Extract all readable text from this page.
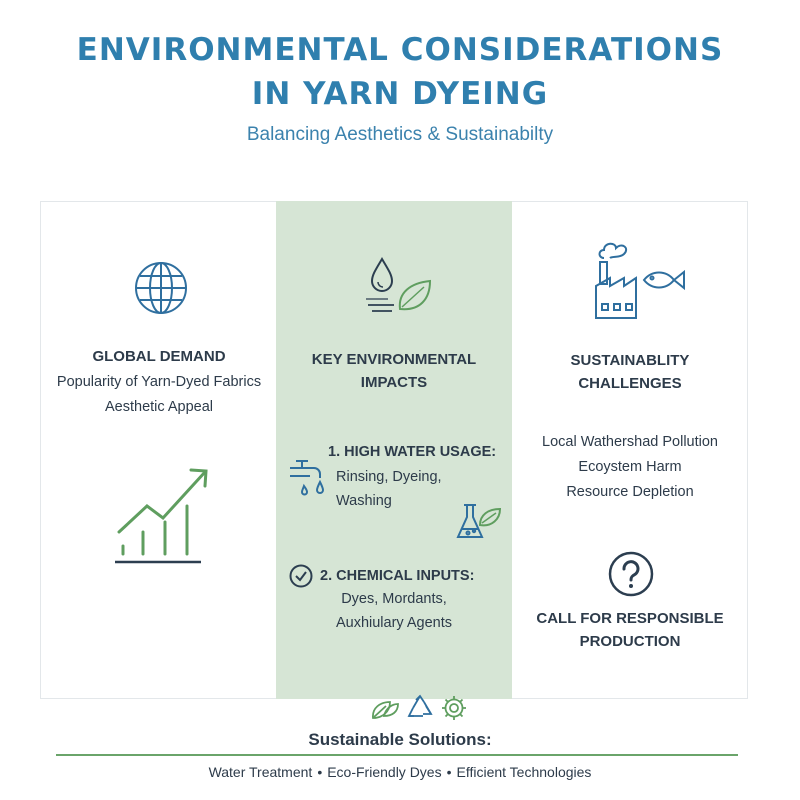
ENVIRONMENTAL CONSIDERATIONS
IN YARN DYEING
Balancing Aesthetics & Sustainabilty
GLOBAL DEMAND
Popularity of Yarn-Dyed Fabrics
Aesthetic Appeal
KEY ENVIRONMENTAL
IMPACTS
1. HIGH WATER USAGE:
Rinsing, Dyeing, Washing
2. CHEMICAL INPUTS:
Dyes, Mordants,
Auxhiulary Agents
SUSTAINABLITY
CHALLENGES
Local Wathershad Pollution
Ecoystem Harm
Resource Depletion
CALL FOR RESPONSIBLE
PRODUCTION
Sustainable Solutions:
Water Treatment • Eco-Friendly Dyes • Efficient Technologies
